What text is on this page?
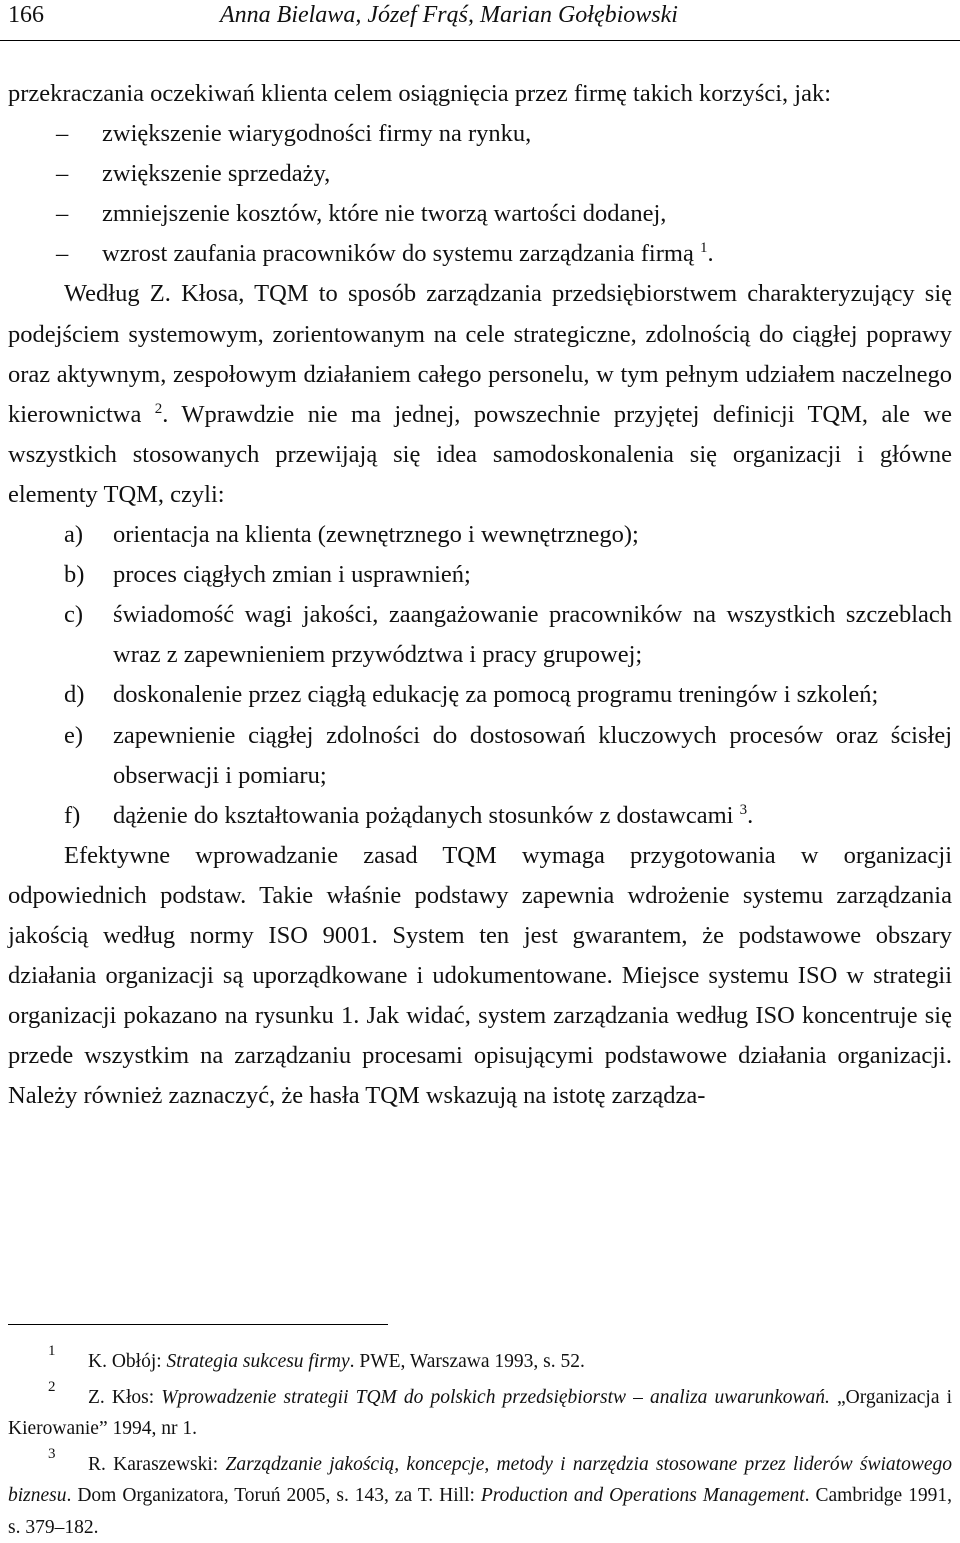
166	Anna Bielawa, Józef Frąś, Marian Gołębiowski

przekraczania oczekiwań klienta celem osiągnięcia przez firmę takich korzyści, jak:

– zwiększenie wiarygodności firmy na rynku,
– zwiększenie sprzedaży,
– zmniejszenie kosztów, które nie tworzą wartości dodanej,
– wzrost zaufania pracowników do systemu zarządzania firmą $^1$.

Według Z. Kłosa, TQM to sposób zarządzania przedsiębiorstwem charakteryzujący się podejściem systemowym, zorientowanym na cele strategiczne, zdolnością do ciągłej poprawy oraz aktywnym, zespołowym działaniem całego personelu, w tym pełnym udziałem naczelnego kierownictwa $^2$. Wprawdzie nie ma jednej, powszechnie przyjętej definicji TQM, ale we wszystkich stosowanych przewijają się idea samodoskonalenia się organizacji i główne elementy TQM, czyli:

a) orientacja na klienta (zewnętrznego i wewnętrznego);
b) proces ciągłych zmian i usprawnień;
c) świadomość wagi jakości, zaangażowanie pracowników na wszystkich szczeblach wraz z zapewnieniem przywództwa i pracy grupowej;
d) doskonalenie przez ciągłą edukację za pomocą programu treningów i szkoleń;
e) zapewnienie ciągłej zdolności do dostosowań kluczowych procesów oraz ścisłej obserwacji i pomiaru;
f) dążenie do kształtowania pożądanych stosunków z dostawcami $^3$.

Efektywne wprowadzanie zasad TQM wymaga przygotowania w organizacji odpowiednich podstaw. Takie właśnie podstawy zapewnia wdrożenie systemu zarządzania jakością według normy ISO 9001. System ten jest gwarantem, że podstawowe obszary działania organizacji są uporządkowane i udokumentowane. Miejsce systemu ISO w strategii organizacji pokazano na rysunku 1. Jak widać, system zarządzania według ISO koncentruje się przede wszystkim na zarządzaniu procesami opisującymi podstawowe działania organizacji. Należy również zaznaczyć, że hasła TQM wskazują na istotę zarządza-

1 K. Obłój: Strategia sukcesu firmy. PWE, Warszawa 1993, s. 52.

2 Z. Kłos: Wprowadzenie strategii TQM do polskich przedsiębiorstw – analiza uwarunkowań. „Organizacja i Kierowanie” 1994, nr 1.

3 R. Karaszewski: Zarządzanie jakością, koncepcje, metody i narzędzia stosowane przez liderów światowego biznesu. Dom Organizatora, Toruń 2005, s. 143, za T. Hill: Production and Operations Management. Cambridge 1991, s. 379–182.
